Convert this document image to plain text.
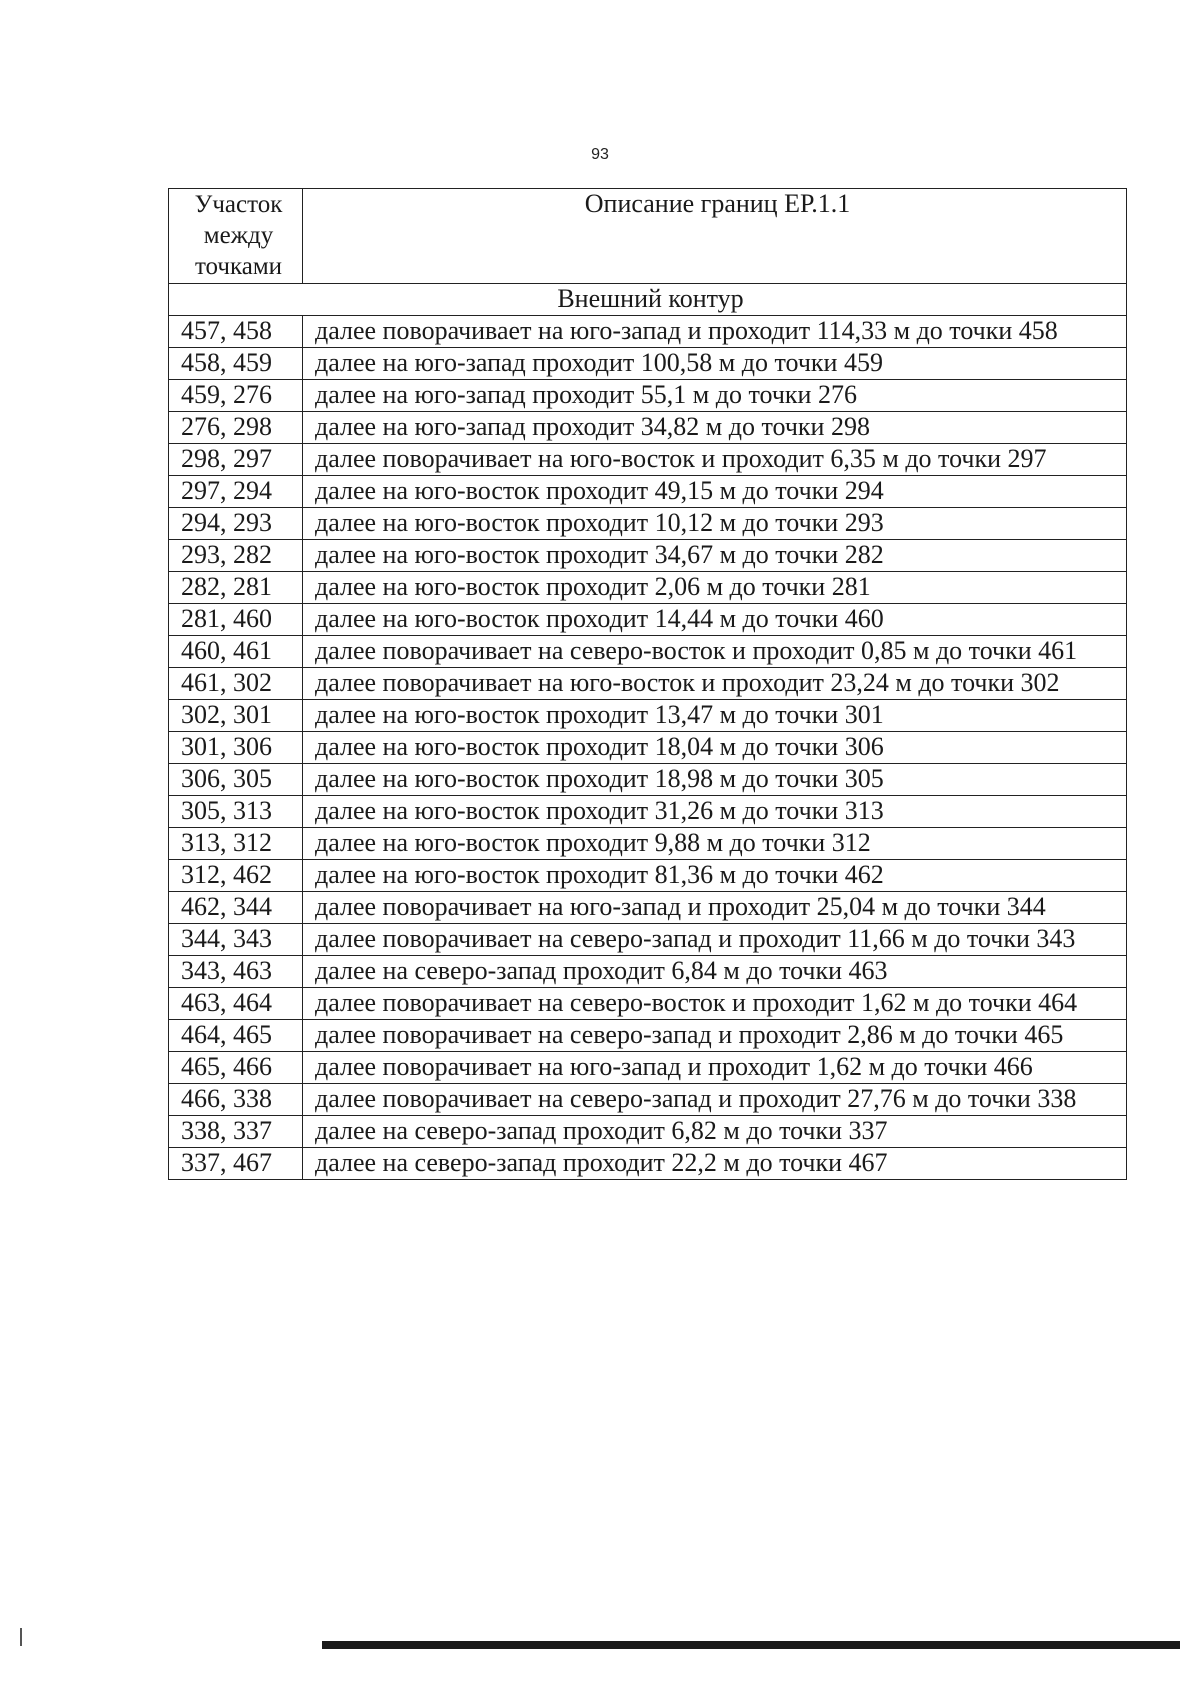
93
Участок между точками	Описание границ ЕР.1.1
Внешний контур	
457, 458	далее поворачивает на юго-запад и проходит 114,33 м до точки 458
458, 459	далее на юго-запад проходит 100,58 м до точки 459
459, 276	далее на юго-запад проходит 55,1 м до точки 276
276, 298	далее на юго-запад проходит 34,82 м до точки 298
298, 297	далее поворачивает на юго-восток и проходит 6,35 м до точки 297
297, 294	далее на юго-восток проходит 49,15 м до точки 294
294, 293	далее на юго-восток проходит 10,12 м до точки 293
293, 282	далее на юго-восток проходит 34,67 м до точки 282
282, 281	далее на юго-восток проходит 2,06 м до точки 281
281, 460	далее на юго-восток проходит 14,44 м до точки 460
460, 461	далее поворачивает на северо-восток и проходит 0,85 м до точки 461
461, 302	далее поворачивает на юго-восток и проходит 23,24 м до точки 302
302, 301	далее на юго-восток проходит 13,47 м до точки 301
301, 306	далее на юго-восток проходит 18,04 м до точки 306
306, 305	далее на юго-восток проходит 18,98 м до точки 305
305, 313	далее на юго-восток проходит 31,26 м до точки 313
313, 312	далее на юго-восток проходит 9,88 м до точки 312
312, 462	далее на юго-восток проходит 81,36 м до точки 462
462, 344	далее поворачивает на юго-запад и проходит 25,04 м до точки 344
344, 343	далее поворачивает на северо-запад и проходит 11,66 м до точки 343
343, 463	далее на северо-запад проходит 6,84 м до точки 463
463, 464	далее поворачивает на северо-восток и проходит 1,62 м до точки 464
464, 465	далее поворачивает на северо-запад и проходит 2,86 м до точки 465
465, 466	далее поворачивает на юго-запад и проходит 1,62 м до точки 466
466, 338	далее поворачивает на северо-запад и проходит 27,76 м до точки 338
338, 337	далее на северо-запад проходит 6,82 м до точки 337
337, 467	далее на северо-запад проходит 22,2 м до точки 467
